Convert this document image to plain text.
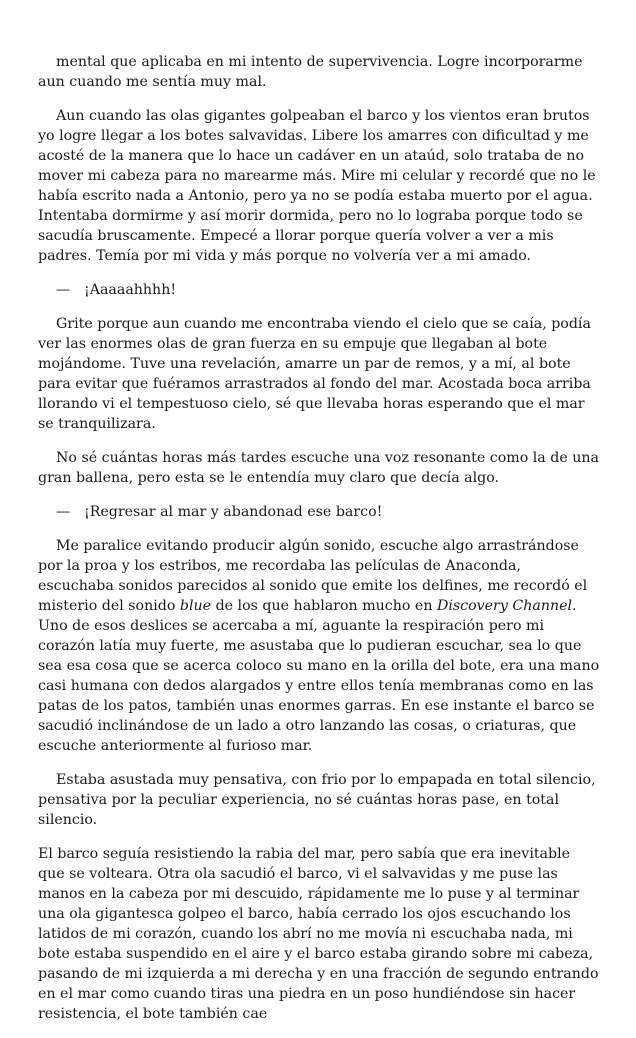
mental que aplicaba en mi intento de supervivencia. Logre incorporarme aun cuando me sentía muy mal.

Aun cuando las olas gigantes golpeaban el barco y los vientos eran brutos yo logre llegar a los botes salvavidas. Libere los amarres con dificultad y me acosté de la manera que lo hace un cadáver en un ataúd, solo trataba de no mover mi cabeza para no marearme más. Mire mi celular y recordé que no le había escrito nada a Antonio, pero ya no se podía estaba muerto por el agua. Intentaba dormirme y así morir dormida, pero no lo lograba porque todo se sacudía bruscamente. Empecé a llorar porque quería volver a ver a mis padres. Temía por mi vida y más porque no volvería ver a mi amado.

— ¡Aaaaahhhh!

Grite porque aun cuando me encontraba viendo el cielo que se caía, podía ver las enormes olas de gran fuerza en su empuje que llegaban al bote mojándome. Tuve una revelación, amarre un par de remos, y a mí, al bote para evitar que fuéramos arrastrados al fondo del mar. Acostada boca arriba llorando vi el tempestuoso cielo, sé que llevaba horas esperando que el mar se tranquilizara.

No sé cuántas horas más tardes escuche una voz resonante como la de una gran ballena, pero esta se le entendía muy claro que decía algo.

— ¡Regresar al mar y abandonad ese barco!

Me paralice evitando producir algún sonido, escuche algo arrastrándose por la proa y los estribos, me recordaba las películas de Anaconda, escuchaba sonidos parecidos al sonido que emite los delfines, me recordó el misterio del sonido blue de los que hablaron mucho en Discovery Channel. Uno de esos deslices se acercaba a mí, aguante la respiración pero mi corazón latía muy fuerte, me asustaba que lo pudieran escuchar, sea lo que sea esa cosa que se acerca coloco su mano en la orilla del bote, era una mano casi humana con dedos alargados y entre ellos tenía membranas como en las patas de los patos, también unas enormes garras. En ese instante el barco se sacudió inclinándose de un lado a otro lanzando las cosas, o criaturas, que escuche anteriormente al furioso mar.

Estaba asustada muy pensativa, con frio por lo empapada en total silencio, pensativa por la peculiar experiencia, no sé cuántas horas pase, en total silencio.

El barco seguía resistiendo la rabia del mar, pero sabía que era inevitable que se volteara. Otra ola sacudió el barco, vi el salvavidas y me puse las manos en la cabeza por mi descuido, rápidamente me lo puse y al terminar una ola gigantesca golpeo el barco, había cerrado los ojos escuchando los latidos de mi corazón, cuando los abrí no me movía ni escuchaba nada, mi bote estaba suspendido en el aire y el barco estaba girando sobre mi cabeza, pasando de mi izquierda a mi derecha y en una fracción de segundo entrando en el mar como cuando tiras una piedra en un poso hundiéndose sin hacer resistencia, el bote también cae
